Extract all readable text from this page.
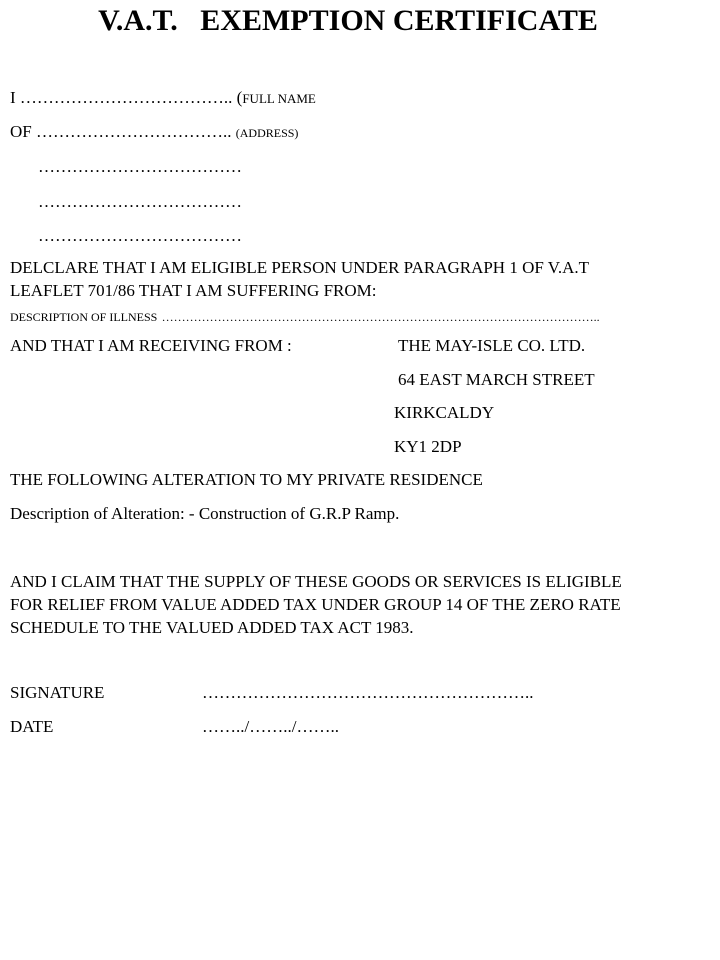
V.A.T.   EXEMPTION CERTIFICATE
I ……………………………….. (FULL NAME
OF …………………………….. (ADDRESS)
………………………………
………………………………
………………………………
DELCLARE THAT I AM ELIGIBLE PERSON UNDER PARAGRAPH 1 OF V.A.T
LEAFLET 701/86 THAT I AM SUFFERING FROM:
DESCRIPTION OF ILLNESS ………………………………………………………………………………………………..
AND THAT I AM RECEIVING FROM :	THE MAY-ISLE CO. LTD.
64 EAST MARCH STREET
KIRKCALDY
KY1 2DP
THE FOLLOWING ALTERATION TO MY PRIVATE RESIDENCE
Description of Alteration: - Construction of G.R.P Ramp.
AND I CLAIM THAT THE SUPPLY OF THESE GOODS OR SERVICES IS ELIGIBLE
FOR RELIEF FROM VALUE ADDED TAX UNDER GROUP 14 OF THE ZERO RATE
SCHEDULE TO THE VALUED ADDED TAX ACT 1983.
SIGNATURE	…………………………………………………..
DATE	……../……../……..
